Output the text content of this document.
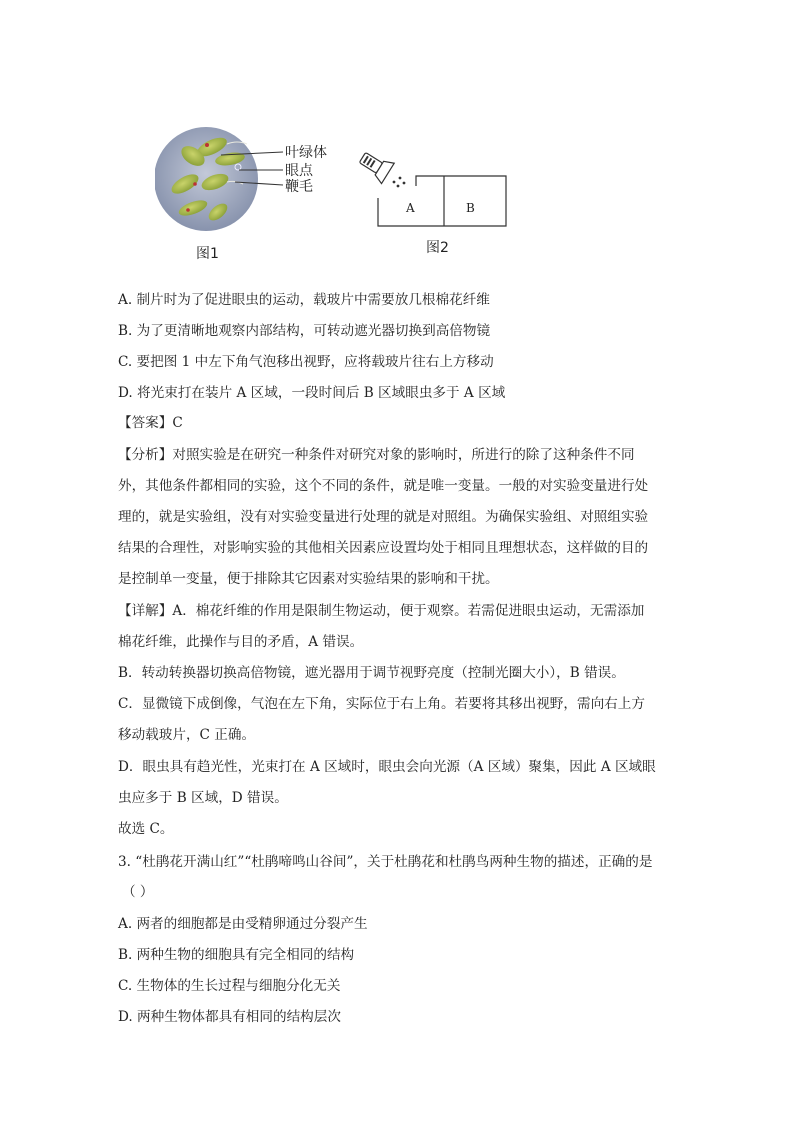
叶绿体
眼点
鞭毛
图1
A	B
图2
A. 制片时为了促进眼虫的运动，载玻片中需要放几根棉花纤维
B. 为了更清晰地观察内部结构，可转动遮光器切换到高倍物镜
C. 要把图 1 中左下角气泡移出视野，应将载玻片往右上方移动
D. 将光束打在装片 A 区域，一段时间后 B 区域眼虫多于 A 区域
【答案】C
【分析】对照实验是在研究一种条件对研究对象的影响时，所进行的除了这种条件不同
外，其他条件都相同的实验，这个不同的条件，就是唯一变量。一般的对实验变量进行处
理的，就是实验组，没有对实验变量进行处理的就是对照组。为确保实验组、对照组实验
结果的合理性，对影响实验的其他相关因素应设置均处于相同且理想状态，这样做的目的
是控制单一变量，便于排除其它因素对实验结果的影响和干扰。
【详解】A．棉花纤维的作用是限制生物运动，便于观察。若需促进眼虫运动，无需添加
棉花纤维，此操作与目的矛盾，A 错误。
B．转动转换器切换高倍物镜，遮光器用于调节视野亮度（控制光圈大小），B 错误。
C．显微镜下成倒像，气泡在左下角，实际位于右上角。若要将其移出视野，需向右上方
移动载玻片，C 正确。
D．眼虫具有趋光性，光束打在 A 区域时，眼虫会向光源（A 区域）聚集，因此 A 区域眼
虫应多于 B 区域，D 错误。
故选 C。
3. “杜鹃花开满山红”“杜鹃啼鸣山谷间”，关于杜鹃花和杜鹃鸟两种生物的描述，正确的是
（ ）
A. 两者的细胞都是由受精卵通过分裂产生
B. 两种生物的细胞具有完全相同的结构
C. 生物体的生长过程与细胞分化无关
D. 两种生物体都具有相同的结构层次
